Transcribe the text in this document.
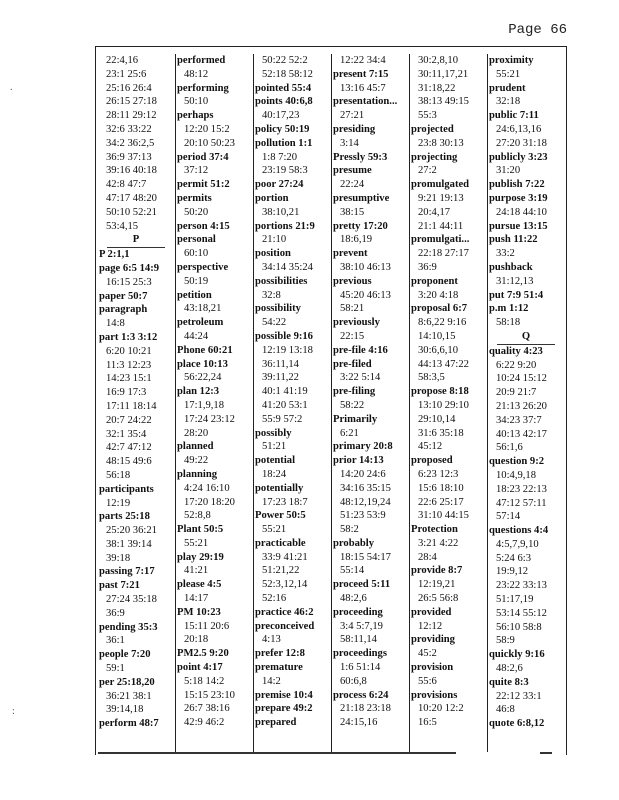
Page 66
22:4,16
23:1 25:6
25:16 26:4
26:15 27:18
28:11 29:12
32:6 33:22
34:2 36:2,5
36:9 37:13
39:16 40:18
42:8 47:7
47:17 48:20
50:10 52:21
53:4,15
P
P 2:1,1
page 6:5 14:9
16:15 25:3
paper 50:7
paragraph
14:8
part 1:3 3:12
6:20 10:21
11:3 12:23
14:23 15:1
16:9 17:3
17:11 18:14
20:7 24:22
32:1 35:4
42:7 47:12
48:15 49:6
56:18
participants
12:19
parts 25:18
25:20 36:21
38:1 39:14
39:18
passing 7:17
past 7:21
27:24 35:18
36:9
pending 35:3
36:1
people 7:20
59:1
per 25:18,20
36:21 38:1
39:14,18
perform 48:7
performed
48:12
performing
50:10
perhaps
12:20 15:2
20:10 50:23
period 37:4
37:12
permit 51:2
permits
50:20
person 4:15
personal
60:10
perspective
50:19
petition
43:18,21
petroleum
44:24
Phone 60:21
place 10:13
56:22,24
plan 12:3
17:1,9,18
17:24 23:12
28:20
planned
49:22
planning
4:24 16:10
17:20 18:20
52:8,8
Plant 50:5
55:21
play 29:19
41:21
please 4:5
14:17
PM 10:23
15:11 20:6
20:18
PM2.5 9:20
point 4:17
5:18 14:2
15:15 23:10
26:7 38:16
42:9 46:2
50:22 52:2
52:18 58:12
pointed 55:4
points 40:6,8
40:17,23
policy 50:19
pollution 1:1
1:8 7:20
23:19 58:3
poor 27:24
portion
38:10,21
portions 21:9
21:10
position
34:14 35:24
possibilities
32:8
possibility
54:22
possible 9:16
12:19 13:18
36:11,14
39:11,22
40:1 41:19
41:20 53:1
55:9 57:2
possibly
51:21
potential
18:24
potentially
17:23 18:7
Power 50:5
55:21
practicable
33:9 41:21
51:21,22
52:3,12,14
52:16
practice 46:2
preconceived
4:13
prefer 12:8
premature
14:2
premise 10:4
prepare 49:2
prepared
12:22 34:4
present 7:15
13:16 45:7
presentation...
27:21
presiding
3:14
Pressly 59:3
presume
22:24
presumptive
38:15
pretty 17:20
18:6,19
prevent
38:10 46:13
previous
45:20 46:13
58:21
previously
22:15
pre-file 4:16
pre-filed
3:22 5:14
pre-filing
58:22
Primarily
6:21
primary 20:8
prior 14:13
14:20 24:6
34:16 35:15
48:12,19,24
51:23 53:9
58:2
probably
18:15 54:17
55:14
proceed 5:11
48:2,6
proceeding
3:4 5:7,19
58:11,14
proceedings
1:6 51:14
60:6,8
process 6:24
21:18 23:18
24:15,16
30:2,8,10
30:11,17,21
31:18,22
38:13 49:15
55:3
projected
23:8 30:13
projecting
27:2
promulgated
9:21 19:13
20:4,17
21:1 44:11
promulgati...
22:18 27:17
36:9
proponent
3:20 4:18
proposal 6:7
8:6,22 9:16
14:10,15
30:6,6,10
44:13 47:22
58:3,5
propose 8:18
13:10 29:10
29:10,14
31:6 35:18
45:12
proposed
6:23 12:3
15:6 18:10
22:6 25:17
31:10 44:15
Protection
3:21 4:22
28:4
provide 8:7
12:19,21
26:5 56:8
provided
12:12
providing
45:2
provision
55:6
provisions
10:20 12:2
16:5
proximity
55:21
prudent
32:18
public 7:11
24:6,13,16
27:20 31:18
publicly 3:23
31:20
publish 7:22
purpose 3:19
24:18 44:10
pursue 13:15
push 11:22
33:2
pushback
31:12,13
put 7:9 51:4
p.m 1:12
58:18
Q
quality 4:23
6:22 9:20
10:24 15:12
20:9 21:7
21:13 26:20
34:23 37:7
40:13 42:17
56:1,6
question 9:2
10:4,9,18
18:23 22:13
47:12 57:11
57:14
questions 4:4
4:5,7,9,10
5:24 6:3
19:9,12
23:22 33:13
51:17,19
53:14 55:12
56:10 58:8
58:9
quickly 9:16
48:2,6
quite 8:3
22:12 33:1
46:8
quote 6:8,12
.
:
